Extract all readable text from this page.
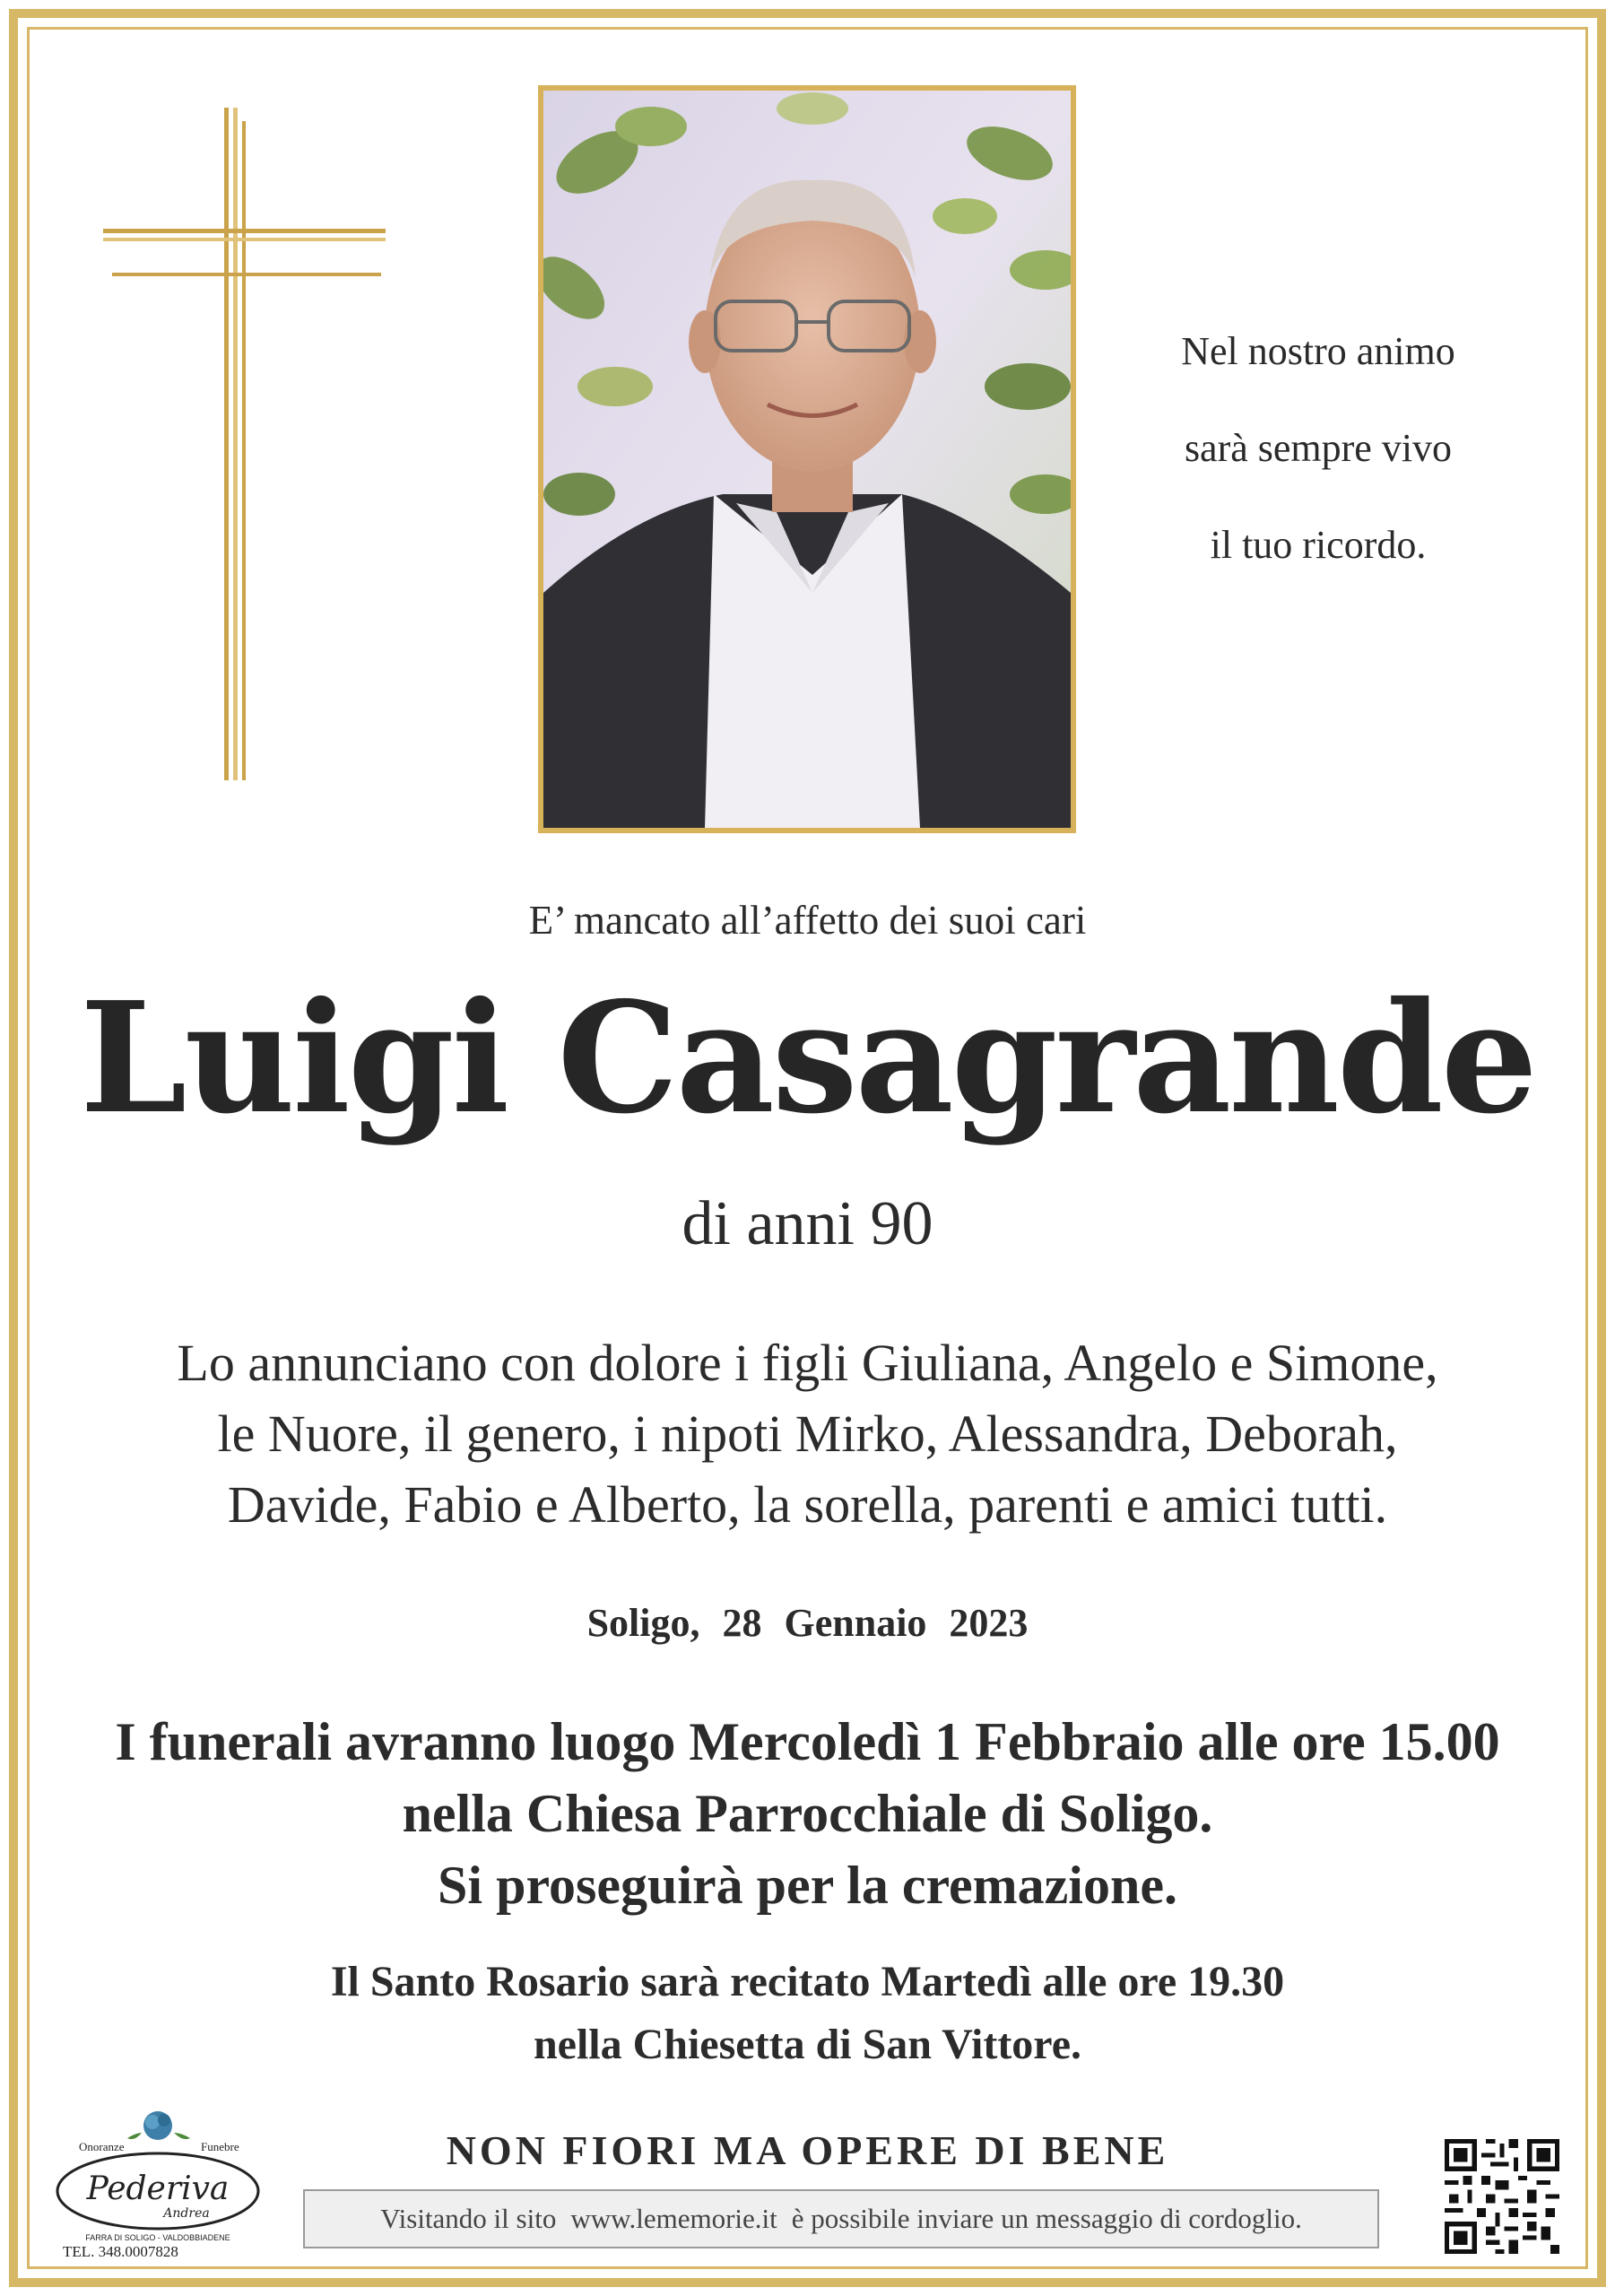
Nel nostro animo
sarà sempre vivo
il tuo ricordo.
E’ mancato all’affetto dei suoi cari
Luigi Casagrande
di anni 90
Lo annunciano con dolore i figli Giuliana, Angelo e Simone,
le Nuore, il genero, i nipoti Mirko, Alessandra, Deborah,
Davide, Fabio e Alberto, la sorella, parenti e amici tutti.
Soligo, 28 Gennaio 2023
I funerali avranno luogo Mercoledì 1 Febbraio alle ore 15.00
nella Chiesa Parrocchiale di Soligo.
Si proseguirà per la cremazione.
Il Santo Rosario sarà recitato Martedì alle ore 19.30
nella Chiesetta di San Vittore.
NON FIORI MA OPERE DI BENE
Visitando il sito www.lememorie.it è possibile inviare un messaggio di cordoglio.
Onoranze	Funebre
Pederiva
Andrea
FARRA DI SOLIGO - VALDOBBIADENE
TEL. 348.0007828
